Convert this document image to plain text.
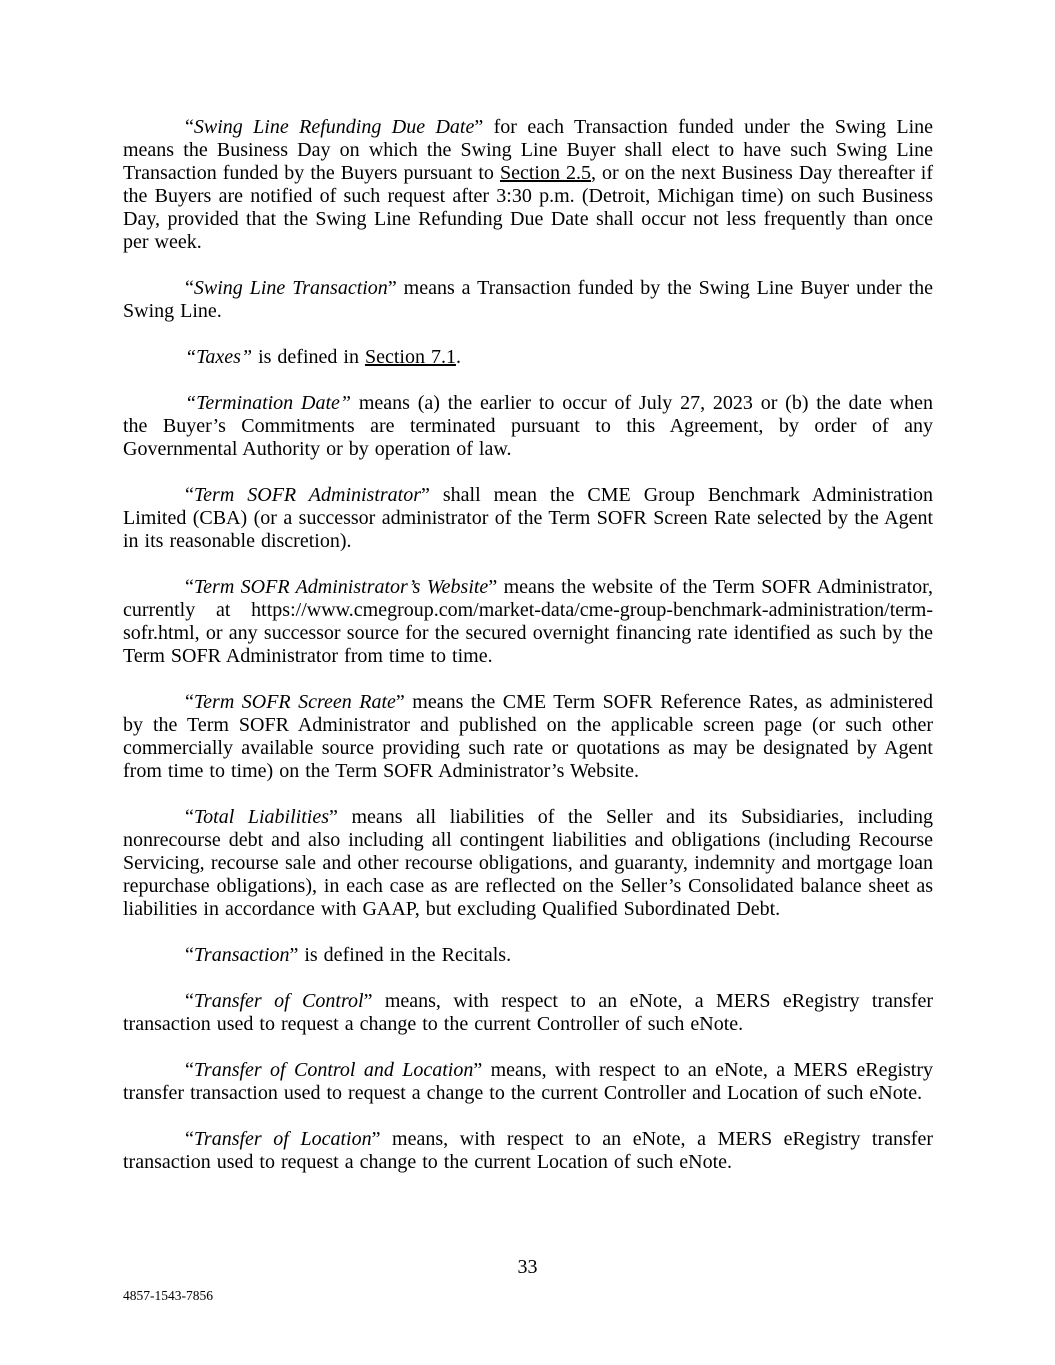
“Swing Line Refunding Due Date” for each Transaction funded under the Swing Line means the Business Day on which the Swing Line Buyer shall elect to have such Swing Line Transaction funded by the Buyers pursuant to Section 2.5, or on the next Business Day thereafter if the Buyers are notified of such request after 3:30 p.m. (Detroit, Michigan time) on such Business Day, provided that the Swing Line Refunding Due Date shall occur not less frequently than once per week.

“Swing Line Transaction” means a Transaction funded by the Swing Line Buyer under the Swing Line.

“Taxes” is defined in Section 7.1.

“Termination Date” means (a) the earlier to occur of July 27, 2023 or (b) the date when the Buyer’s Commitments are terminated pursuant to this Agreement, by order of any Governmental Authority or by operation of law.

“Term SOFR Administrator” shall mean the CME Group Benchmark Administration Limited (CBA) (or a successor administrator of the Term SOFR Screen Rate selected by the Agent in its reasonable discretion).

“Term SOFR Administrator’s Website” means the website of the Term SOFR Administrator, currently at https://www.cmegroup.com/market-data/cme-group-benchmark-administration/term-sofr.html, or any successor source for the secured overnight financing rate identified as such by the Term SOFR Administrator from time to time.

“Term SOFR Screen Rate” means the CME Term SOFR Reference Rates, as administered by the Term SOFR Administrator and published on the applicable screen page (or such other commercially available source providing such rate or quotations as may be designated by Agent from time to time) on the Term SOFR Administrator’s Website.

“Total Liabilities” means all liabilities of the Seller and its Subsidiaries, including nonrecourse debt and also including all contingent liabilities and obligations (including Recourse Servicing, recourse sale and other recourse obligations, and guaranty, indemnity and mortgage loan repurchase obligations), in each case as are reflected on the Seller’s Consolidated balance sheet as liabilities in accordance with GAAP, but excluding Qualified Subordinated Debt.

“Transaction” is defined in the Recitals.

“Transfer of Control” means, with respect to an eNote, a MERS eRegistry transfer transaction used to request a change to the current Controller of such eNote.

“Transfer of Control and Location” means, with respect to an eNote, a MERS eRegistry transfer transaction used to request a change to the current Controller and Location of such eNote.

“Transfer of Location” means, with respect to an eNote, a MERS eRegistry transfer transaction used to request a change to the current Location of such eNote.

33
4857-1543-7856
